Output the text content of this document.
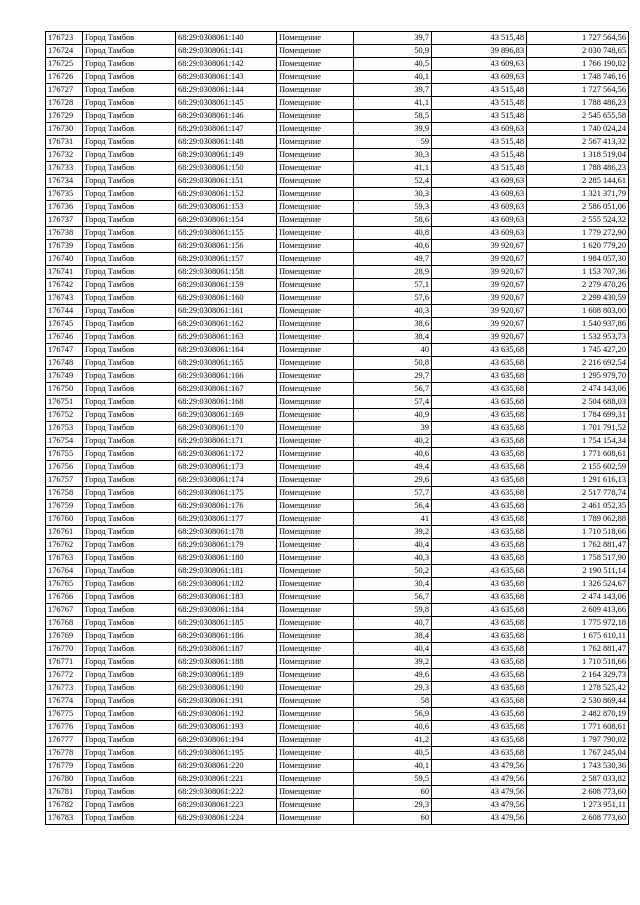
176723	Город Тамбов	68:29:0308061:140	Помещение	39,7	43 515,48	1 727 564,56
176724	Город Тамбов	68:29:0308061:141	Помещение	50,9	39 896,83	2 030 748,65
176725	Город Тамбов	68:29:0308061:142	Помещение	40,5	43 609,63	1 766 190,02
176726	Город Тамбов	68:29:0308061:143	Помещение	40,1	43 609,63	1 748 746,16
176727	Город Тамбов	68:29:0308061:144	Помещение	39,7	43 515,48	1 727 564,56
176728	Город Тамбов	68:29:0308061:145	Помещение	41,1	43 515,48	1 788 486,23
176729	Город Тамбов	68:29:0308061:146	Помещение	58,5	43 515,48	2 545 655,58
176730	Город Тамбов	68:29:0308061:147	Помещение	39,9	43 609,63	1 740 024,24
176731	Город Тамбов	68:29:0308061:148	Помещение	59	43 515,48	2 567 413,32
176732	Город Тамбов	68:29:0308061:149	Помещение	30,3	43 515,48	1 318 519,04
176733	Город Тамбов	68:29:0308061:150	Помещение	41,1	43 515,48	1 788 486,23
176734	Город Тамбов	68:29:0308061:151	Помещение	52,4	43 609,63	2 285 144,61
176735	Город Тамбов	68:29:0308061:152	Помещение	30,3	43 609,63	1 321 371,79
176736	Город Тамбов	68:29:0308061:153	Помещение	59,3	43 609,63	2 586 051,06
176737	Город Тамбов	68:29:0308061:154	Помещение	58,6	43 609,63	2 555 524,32
176738	Город Тамбов	68:29:0308061:155	Помещение	40,8	43 609,63	1 779 272,90
176739	Город Тамбов	68:29:0308061:156	Помещение	40,6	39 920,67	1 620 779,20
176740	Город Тамбов	68:29:0308061:157	Помещение	49,7	39 920,67	1 984 057,30
176741	Город Тамбов	68:29:0308061:158	Помещение	28,9	39 920,67	1 153 707,36
176742	Город Тамбов	68:29:0308061:159	Помещение	57,1	39 920,67	2 279 470,26
176743	Город Тамбов	68:29:0308061:160	Помещение	57,6	39 920,67	2 299 430,59
176744	Город Тамбов	68:29:0308061:161	Помещение	40,3	39 920,67	1 608 803,00
176745	Город Тамбов	68:29:0308061:162	Помещение	38,6	39 920,67	1 540 937,86
176746	Город Тамбов	68:29:0308061:163	Помещение	38,4	39 920,67	1 532 953,73
176747	Город Тамбов	68:29:0308061:164	Помещение	40	43 635,68	1 745 427,20
176748	Город Тамбов	68:29:0308061:165	Помещение	50,8	43 635,68	2 216 692,54
176749	Город Тамбов	68:29:0308061:166	Помещение	29,7	43 635,68	1 295 979,70
176750	Город Тамбов	68:29:0308061:167	Помещение	56,7	43 635,68	2 474 143,06
176751	Город Тамбов	68:29:0308061:168	Помещение	57,4	43 635,68	2 504 688,03
176752	Город Тамбов	68:29:0308061:169	Помещение	40,9	43 635,68	1 784 699,31
176753	Город Тамбов	68:29:0308061:170	Помещение	39	43 635,68	1 701 791,52
176754	Город Тамбов	68:29:0308061:171	Помещение	40,2	43 635,68	1 754 154,34
176755	Город Тамбов	68:29:0308061:172	Помещение	40,6	43 635,68	1 771 608,61
176756	Город Тамбов	68:29:0308061:173	Помещение	49,4	43 635,68	2 155 602,59
176757	Город Тамбов	68:29:0308061:174	Помещение	29,6	43 635,68	1 291 616,13
176758	Город Тамбов	68:29:0308061:175	Помещение	57,7	43 635,68	2 517 778,74
176759	Город Тамбов	68:29:0308061:176	Помещение	56,4	43 635,68	2 461 052,35
176760	Город Тамбов	68:29:0308061:177	Помещение	41	43 635,68	1 789 062,88
176761	Город Тамбов	68:29:0308061:178	Помещение	39,2	43 635,68	1 710 518,66
176762	Город Тамбов	68:29:0308061:179	Помещение	40,4	43 635,68	1 762 881,47
176763	Город Тамбов	68:29:0308061:180	Помещение	40,3	43 635,68	1 758 517,90
176764	Город Тамбов	68:29:0308061:181	Помещение	50,2	43 635,68	2 190 511,14
176765	Город Тамбов	68:29:0308061:182	Помещение	30,4	43 635,68	1 326 524,67
176766	Город Тамбов	68:29:0308061:183	Помещение	56,7	43 635,68	2 474 143,06
176767	Город Тамбов	68:29:0308061:184	Помещение	59,8	43 635,68	2 609 413,66
176768	Город Тамбов	68:29:0308061:185	Помещение	40,7	43 635,68	1 775 972,18
176769	Город Тамбов	68:29:0308061:186	Помещение	38,4	43 635,68	1 675 610,11
176770	Город Тамбов	68:29:0308061:187	Помещение	40,4	43 635,68	1 762 881,47
176771	Город Тамбов	68:29:0308061:188	Помещение	39,2	43 635,68	1 710 518,66
176772	Город Тамбов	68:29:0308061:189	Помещение	49,6	43 635,68	2 164 329,73
176773	Город Тамбов	68:29:0308061:190	Помещение	29,3	43 635,68	1 278 525,42
176774	Город Тамбов	68:29:0308061:191	Помещение	58	43 635,68	2 530 869,44
176775	Город Тамбов	68:29:0308061:192	Помещение	56,9	43 635,68	2 482 870,19
176776	Город Тамбов	68:29:0308061:193	Помещение	40,6	43 635,68	1 771 608,61
176777	Город Тамбов	68:29:0308061:194	Помещение	41,2	43 635,68	1 797 790,02
176778	Город Тамбов	68:29:0308061:195	Помещение	40,5	43 635,68	1 767 245,04
176779	Город Тамбов	68:29:0308061:220	Помещение	40,1	43 479,56	1 743 530,36
176780	Город Тамбов	68:29:0308061:221	Помещение	59,5	43 479,56	2 587 033,82
176781	Город Тамбов	68:29:0308061:222	Помещение	60	43 479,56	2 608 773,60
176782	Город Тамбов	68:29:0308061:223	Помещение	29,3	43 479,56	1 273 951,11
176783	Город Тамбов	68:29:0308061:224	Помещение	60	43 479,56	2 608 773,60
